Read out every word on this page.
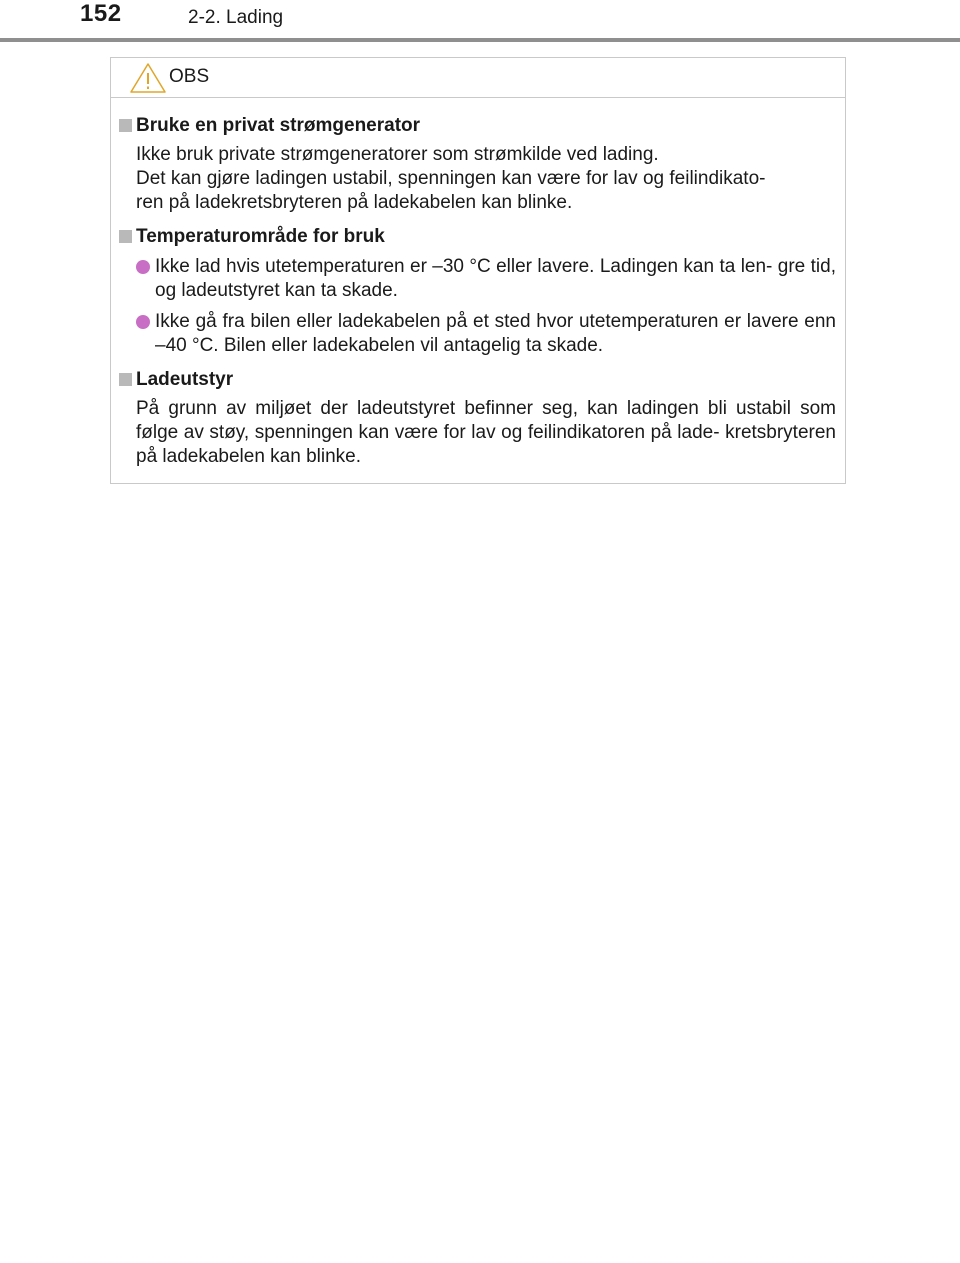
152	2-2. Lading
OBS
Bruke en privat strømgenerator
Ikke bruk private strømgeneratorer som strømkilde ved lading.
Det kan gjøre ladingen ustabil, spenningen kan være for lav og feilindikato-
ren på ladekretsbryteren på ladekabelen kan blinke.
Temperaturområde for bruk
Ikke lad hvis utetemperaturen er –30 °C eller lavere. Ladingen kan ta len- gre tid, og ladeutstyret kan ta skade.
Ikke gå fra bilen eller ladekabelen på et sted hvor utetemperaturen er lavere enn –40 °C. Bilen eller ladekabelen vil antagelig ta skade.
Ladeutstyr
På grunn av miljøet der ladeutstyret befinner seg, kan ladingen bli ustabil som følge av støy, spenningen kan være for lav og feilindikatoren på lade- kretsbryteren på ladekabelen kan blinke.
